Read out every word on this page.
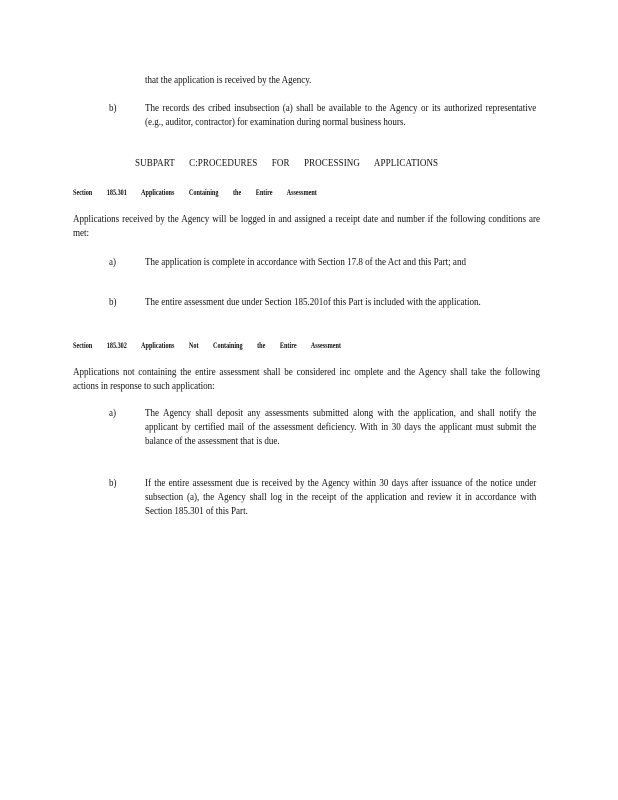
that the application is received by the Agency.
b)	The records des cribed insubsection (a) shall be available to the Agency or its authorized representative (e.g., auditor, contractor) for examination during normal business hours.
SUBPART C:PROCEDURES FOR PROCESSING APPLICATIONS
Section 185.301 Applications Containing the Entire Assessment
Applications received by the Agency will be logged in and assigned a receipt date and number if the following conditions are met:
a)	The application is complete in accordance with Section 17.8 of the Act and this Part; and
b)	The entire assessment due under Section 185.201of this Part is included with the application.
Section 185.302 Applications Not Containing the Entire Assessment
Applications not containing the entire assessment shall be considered inc omplete and the Agency shall take the following actions in response to such application:
a)	The Agency shall deposit any assessments submitted along with the application, and shall notify the applicant by certified mail of the assessment deficiency. With in 30 days the applicant must submit the balance of the assessment that is due.
b)	If the entire assessment due is received by the Agency within 30 days after issuance of the notice under subsection (a), the Agency shall log in the receipt of the application and review it in accordance with Section 185.301 of this Part.
